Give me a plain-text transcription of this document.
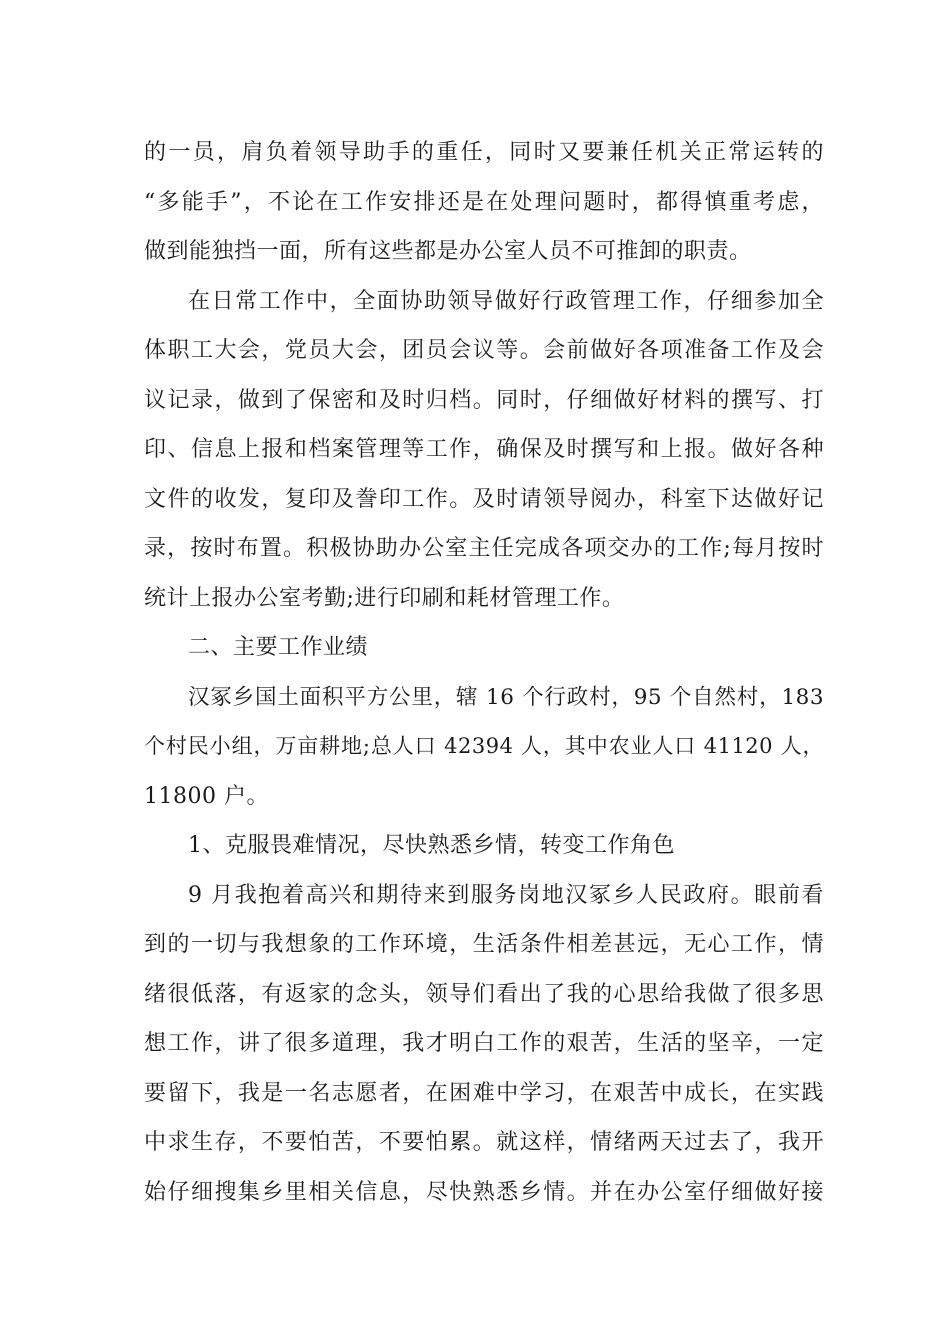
的一员，肩负着领导助手的重任，同时又要兼任机关正常运转的
“多能手”，不论在工作安排还是在处理问题时，都得慎重考虑，
做到能独挡一面，所有这些都是办公室人员不可推卸的职责。
在日常工作中，全面协助领导做好行政管理工作，仔细参加全
体职工大会，党员大会，团员会议等。会前做好各项准备工作及会
议记录，做到了保密和及时归档。同时，仔细做好材料的撰写、打
印、信息上报和档案管理等工作，确保及时撰写和上报。做好各种
文件的收发，复印及誊印工作。及时请领导阅办，科室下达做好记
录，按时布置。积极协助办公室主任完成各项交办的工作;每月按时
统计上报办公室考勤;进行印刷和耗材管理工作。
二、主要工作业绩
汉冢乡国土面积平方公里，辖 16 个行政村，95 个自然村，183
个村民小组，万亩耕地;总人口 42394 人，其中农业人口 41120 人，
11800 户。
1、克服畏难情况，尽快熟悉乡情，转变工作角色
9 月我抱着高兴和期待来到服务岗地汉冢乡人民政府。眼前看
到的一切与我想象的工作环境，生活条件相差甚远，无心工作，情
绪很低落，有返家的念头，领导们看出了我的心思给我做了很多思
想工作，讲了很多道理，我才明白工作的艰苦，生活的坚辛，一定
要留下，我是一名志愿者，在困难中学习，在艰苦中成长，在实践
中求生存，不要怕苦，不要怕累。就这样，情绪两天过去了，我开
始仔细搜集乡里相关信息，尽快熟悉乡情。并在办公室仔细做好接
